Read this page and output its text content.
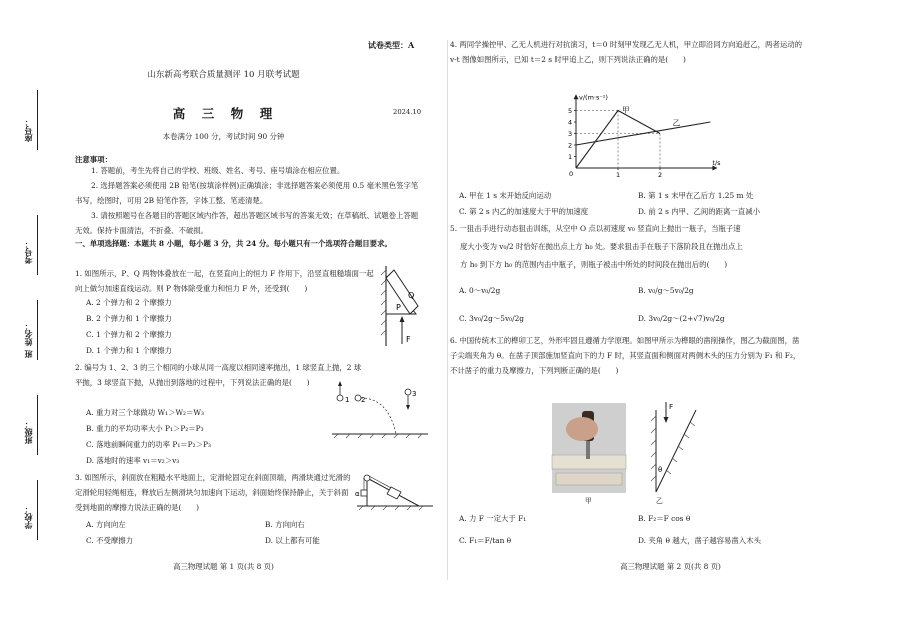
座号：
考号：
姓名：
班
班级：
学校：
试卷类型：A
山东新高考联合质量测评 10 月联考试题
高　三　物　理	2024.10
本卷满分 100 分，考试时间 90 分钟
注意事项：
1. 答题前，考生先将自己的学校、班级、姓名、考号、座号填涂在相应位置。
2. 选择题答案必须使用 2B 铅笔(按填涂样例)正确填涂；非选择题答案必须使用 0.5 毫米黑色签字笔书写，绘图时，可用 2B 铅笔作答，字体工整、笔迹清楚。
3. 请按照题号在各题目的答题区域内作答，超出答题区域书写的答案无效；在草稿纸、试题卷上答题无效。保持卡面清洁，不折叠、不破损。
一、单项选择题：本题共 8 小题，每小题 3 分，共 24 分。每小题只有一个选项符合题目要求。
1. 如图所示，P、Q 两物体叠放在一起，在竖直向上的恒力 F 作用下，沿竖直粗糙墙面一起向上做匀加速直线运动。则 P 物体除受重力和恒力 F 外，还受到(　　)
A. 2 个弹力和 2 个摩擦力
B. 2 个弹力和 1 个摩擦力
C. 1 个弹力和 2 个摩擦力
D. 1 个弹力和 1 个摩擦力
Q
P
F
2. 编号为 1、2、3 的三个相同的小球从同一高度以相同速率抛出，1 球竖直上抛，2 球平抛，3 球竖直下抛，从抛出到落地的过程中，下列说法正确的是(　　)
A. 重力对三个球做功 W₁＞W₂＝W₃
B. 重力的平均功率大小 P₁＞P₂＝P₃
C. 落地前瞬间重力的功率 P₁＝P₂＞P₃
D. 落地时的速率 v₁＝v₂＞v₃
1 2
3
3. 如图所示，斜面放在粗糙水平地面上，定滑轮固定在斜面顶端，两滑块通过光滑的定滑轮用轻绳相连，释放后左侧滑块匀加速向下运动，斜面始终保持静止，关于斜面受到地面的摩擦力说法正确的是(　　)
A. 方向向左	B. 方向向右
C. 不受摩擦力	D. 以上都有可能
α
高三物理试题 第 1 页(共 8 页)
4. 两同学操控甲、乙无人机进行对抗演习，t＝0 时刻甲发现乙无人机，甲立即沿同方向追赶乙，两者运动的 v-t 图像如图所示，已知 t＝2 s 时甲追上乙，则下列说法正确的是(　　)
v/(m·s⁻¹)
t/s
0
1
2
3
4
5
1	2
甲
乙
A. 甲在 1 s 末开始反向运动	B. 第 1 s 末甲在乙后方 1.25 m 处
C. 第 2 s 内乙的加速度大于甲的加速度	D. 前 2 s 内甲、乙间的距离一直减小
5. 一狙击手进行动态狙击训练，从空中 O 点以初速度 v₀ 竖直向上抛出一瓶子，当瓶子速
度大小变为 v₀/2 时恰好在抛出点上方 h₀ 处。要求狙击手在瓶子下落阶段且在抛出点上
方 h₀ 到下方 h₀ 的范围内击中瓶子，则瓶子被击中所处的时间段在抛出后的(　　)
A. 0～v₀/2g	B. v₀/g～5v₀/2g
C. 3v₀/2g～5v₀/2g	D. 3v₀/2g～(2+√7)v₀/2g
6. 中国传统木工的榫卯工艺，外形牢固且遵循力学原理。如图甲所示为榫眼的凿削操作，图乙为截面图，凿子尖端夹角为 θ。在凿子顶部施加竖直向下的力 F 时，其竖直面和侧面对两侧木头的压力分别为 F₁ 和 F₂，不计凿子的重力及摩擦力，下列判断正确的是(　　)
甲
F
θ
乙
A. 力 F 一定大于 F₁	B. F₂＝F cos θ
C. F₁＝F/tan θ	D. 夹角 θ 越大，凿子越容易凿入木头
高三物理试题 第 2 页(共 8 页)
